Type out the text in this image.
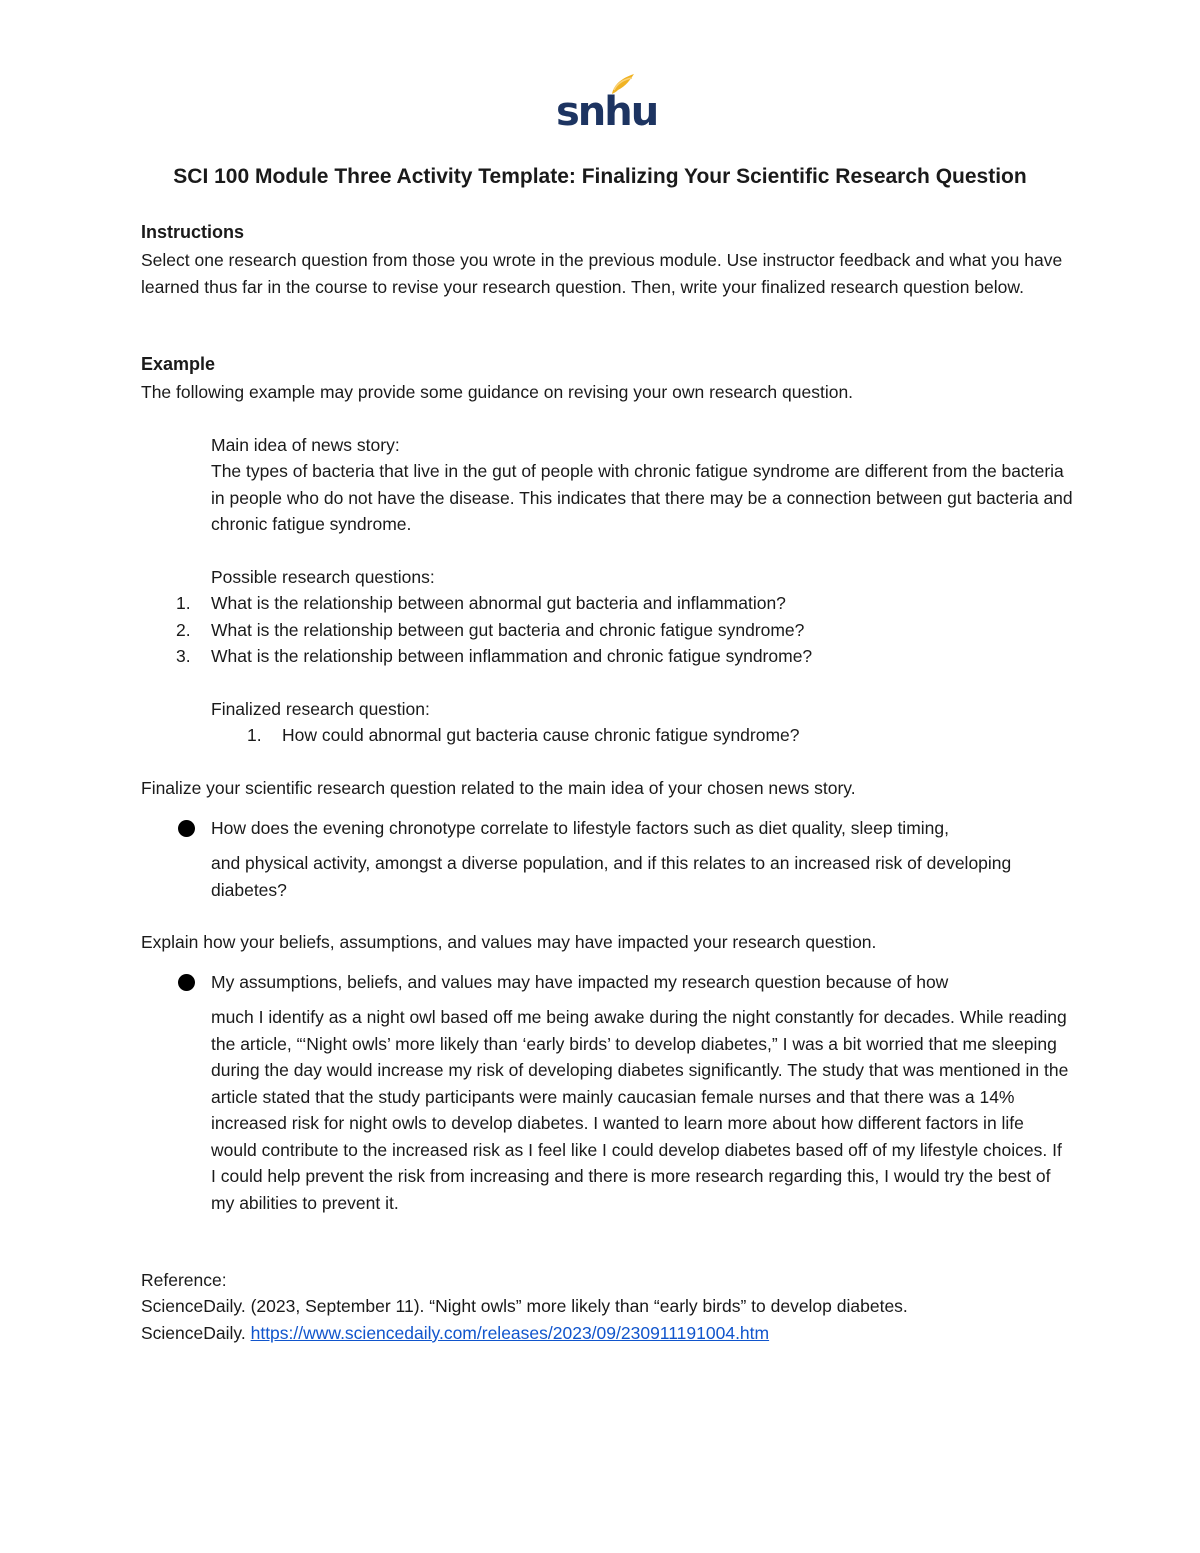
snhu
SCI 100 Module Three Activity Template: Finalizing Your Scientific Research Question
Instructions
Select one research question from those you wrote in the previous module. Use instructor feedback and what you have learned thus far in the course to revise your research question. Then, write your finalized research question below.
Example
The following example may provide some guidance on revising your own research question.
Main idea of news story:
The types of bacteria that live in the gut of people with chronic fatigue syndrome are different from the bacteria in people who do not have the disease. This indicates that there may be a connection between gut bacteria and chronic fatigue syndrome.
Possible research questions:
1. What is the relationship between abnormal gut bacteria and inflammation?
2. What is the relationship between gut bacteria and chronic fatigue syndrome?
3. What is the relationship between inflammation and chronic fatigue syndrome?
Finalized research question:
1. How could abnormal gut bacteria cause chronic fatigue syndrome?
Finalize your scientific research question related to the main idea of your chosen news story.
How does the evening chronotype correlate to lifestyle factors such as diet quality, sleep timing,
and physical activity, amongst a diverse population, and if this relates to an increased risk of developing diabetes?
Explain how your beliefs, assumptions, and values may have impacted your research question.
My assumptions, beliefs, and values may have impacted my research question because of how
much I identify as a night owl based off me being awake during the night constantly for decades. While reading the article, “‘Night owls’ more likely than ‘early birds’ to develop diabetes,” I was a bit worried that me sleeping during the day would increase my risk of developing diabetes significantly. The study that was mentioned in the article stated that the study participants were mainly caucasian female nurses and that there was a 14% increased risk for night owls to develop diabetes. I wanted to learn more about how different factors in life would contribute to the increased risk as I feel like I could develop diabetes based off of my lifestyle choices. If I could help prevent the risk from increasing and there is more research regarding this, I would try the best of my abilities to prevent it.
Reference:
ScienceDaily. (2023, September 11). “Night owls” more likely than “early birds” to develop diabetes.
ScienceDaily. https://www.sciencedaily.com/releases/2023/09/230911191004.htm
